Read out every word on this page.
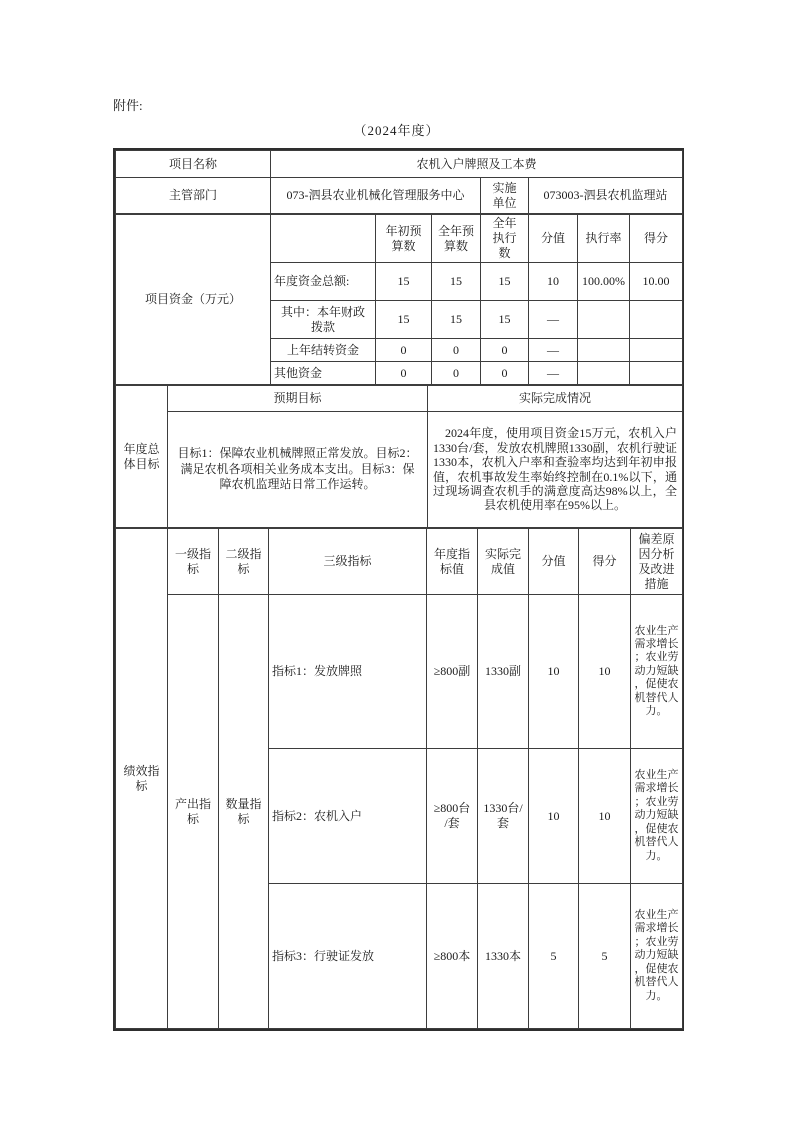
附件:
（2024年度）
项目名称	农机入户牌照及工本费		
主管部门	073-泗县农业机械化管理服务中心	实施单位	073003-泗县农机监理站
项目资金（万元）		年初预算数	全年预算数	全年执行数	分值	执行率	得分
	年度资金总额:	15	15	15	10	100.00%	10.00
	其中：本年财政拨款	15	15	15	—		
	上年结转资金	0	0	0	—		
	其他资金	0	0	0	—		
年度总体目标	预期目标	实际完成情况
	目标1：保障农业机械牌照正常发放。目标2：满足农机各项相关业务成本支出。目标3：保障农机监理站日常工作运转。	2024年度，使用项目资金15万元，农机入户1330台/套，发放农机牌照1330副，农机行驶证1330本，农机入户率和查验率均达到年初申报值，农机事故发生率始终控制在0.1%以下，通过现场调查农机手的满意度高达98%以上，全县农机使用率在95%以上。
绩效指标	一级指标	二级指标	三级指标	年度指标值	实际完成值	分值	得分	偏差原因分析及改进措施
	产出指标	数量指标	指标1：发放牌照	≥800副	1330副	10	10	农业生产需求增长；农业劳动力短缺，促使农机替代人力。
			指标2：农机入户	≥800台/套	1330台/套	10	10	农业生产需求增长；农业劳动力短缺，促使农机替代人力。
			指标3：行驶证发放	≥800本	1330本	5	5	农业生产需求增长；农业劳动力短缺，促使农机替代人力。
